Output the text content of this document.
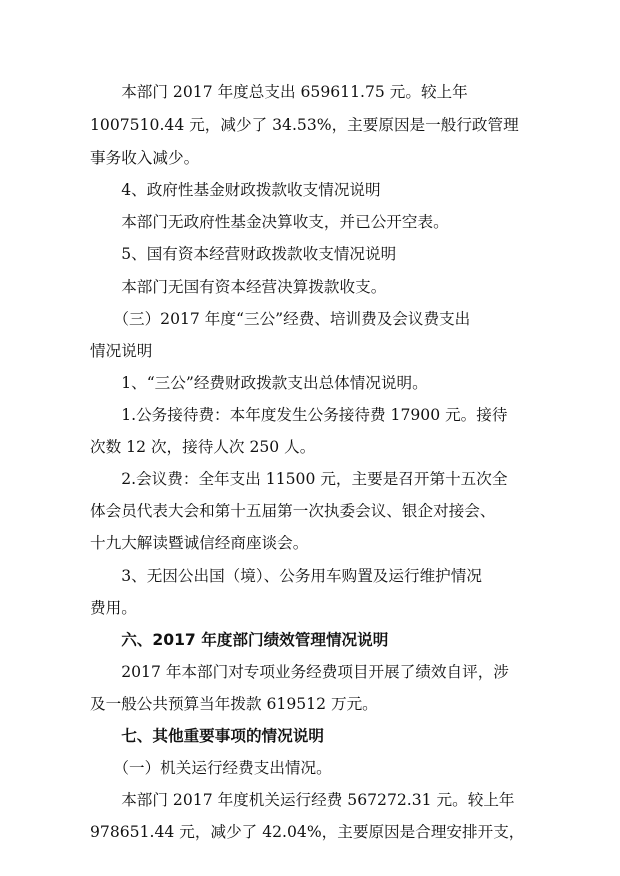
　　本部门 2017 年度总支出 659611.75 元。较上年
1007510.44 元，减少了 34.53%，主要原因是一般行政管理
事务收入减少。
　　4、政府性基金财政拨款收支情况说明
　　本部门无政府性基金决算收支，并已公开空表。
　　5、国有资本经营财政拨款收支情况说明
　　本部门无国有资本经营决算拨款收支。
　　（三）2017 年度“三公”经费、培训费及会议费支出
情况说明
　　1、“三公”经费财政拨款支出总体情况说明。
　　1.公务接待费：本年度发生公务接待费 17900 元。接待
次数 12 次，接待人次 250 人。
　　2.会议费：全年支出 11500 元，主要是召开第十五次全
体会员代表大会和第十五届第一次执委会议、银企对接会、
十九大解读暨诚信经商座谈会。
　　3、无因公出国（境）、公务用车购置及运行维护情况
费用。
　　六、2017 年度部门绩效管理情况说明
　　2017 年本部门对专项业务经费项目开展了绩效自评，涉
及一般公共预算当年拨款 619512 万元。
　　七、其他重要事项的情况说明
　　（一）机关运行经费支出情况。
　　本部门 2017 年度机关运行经费 567272.31 元。较上年
978651.44 元，减少了 42.04%，主要原因是合理安排开支，
